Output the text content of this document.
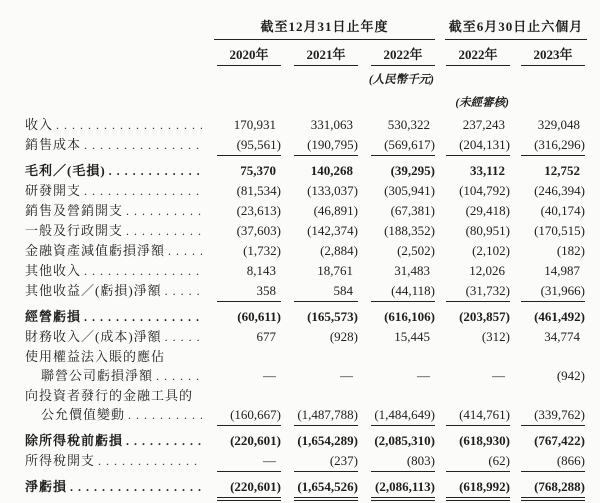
截至12月31日止年度	截至6月30日止六個月
2020年	2021年	2022年	2022年	2023年
(人民幣千元)
(未經審核)
收入 . . .	170,931	331,063	530,322	237,243	329,048
銷售成本 . . .	(95,561)	(190,795)	(569,617)	(204,131)	(316,296)
毛利／(毛損) . . .	75,370	140,268	(39,295)	33,112	12,752
研發開支 . . .	(81,534)	(133,037)	(305,941)	(104,792)	(246,394)
銷售及營銷開支 . . .	(23,613)	(46,891)	(67,381)	(29,418)	(40,174)
一般及行政開支 . . .	(37,603)	(142,374)	(188,352)	(80,951)	(170,515)
金融資產減值虧損淨額 . . .	(1,732)	(2,884)	(2,502)	(2,102)	(182)
其他收入 . . .	8,143	18,761	31,483	12,026	14,987
其他收益／(虧損)淨額 . . .	358	584	(44,118)	(31,732)	(31,966)
經營虧損 . . .	(60,611)	(165,573)	(616,106)	(203,857)	(461,492)
財務收入／(成本)淨額 . . .	677	(928)	15,445	(312)	34,774
使用權益法入賬的應佔
聯營公司虧損淨額 . . .	—	—	—	—	(942)
向投資者發行的金融工具的
公允價值變動 . . .	(160,667)	(1,487,788)	(1,484,649)	(414,761)	(339,762)
除所得稅前虧損 . . .	(220,601)	(1,654,289)	(2,085,310)	(618,930)	(767,422)
所得稅開支 . . .	—	(237)	(803)	(62)	(866)
淨虧損 . . .	(220,601)	(1,654,526)	(2,086,113)	(618,992)	(768,288)
